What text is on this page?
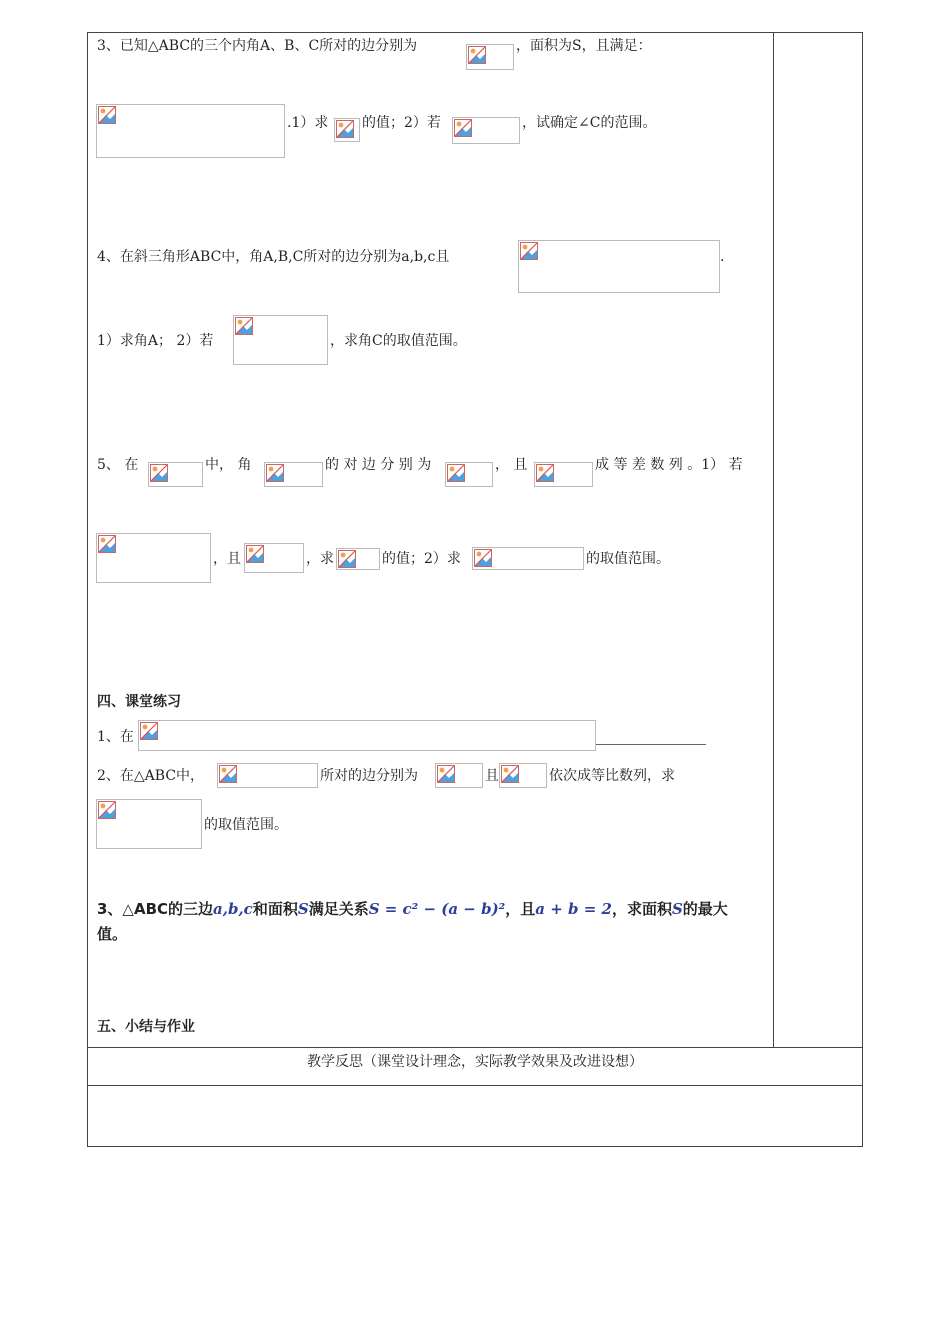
3、已知△ABC的三个内角A、B、C所对的边分别为	，面积为S，且满足：
.1）求 的值；2）若	，试确定∠C的范围。
4、在斜三角形ABC中，角A,B,C所对的边分别为a,b,c且	.
1）求角A； 2）若	，求角C的取值范围。
5、 在	中， 角	的 对 边 分 别 为	， 且	成 等 差 数 列 。1） 若
，且	，求	的值；2）求	的取值范围。
四、课堂练习
1、在
2、在△ABC中，	所对的边分别为	且	依次成等比数列，求
的取值范围。
3、△ABC的三边a,b,c和面积S满足关系S = c² − (a − b)²，且a + b = 2，求面积S的最大
值。
五、小结与作业
教学反思（课堂设计理念，实际教学效果及改进设想）
